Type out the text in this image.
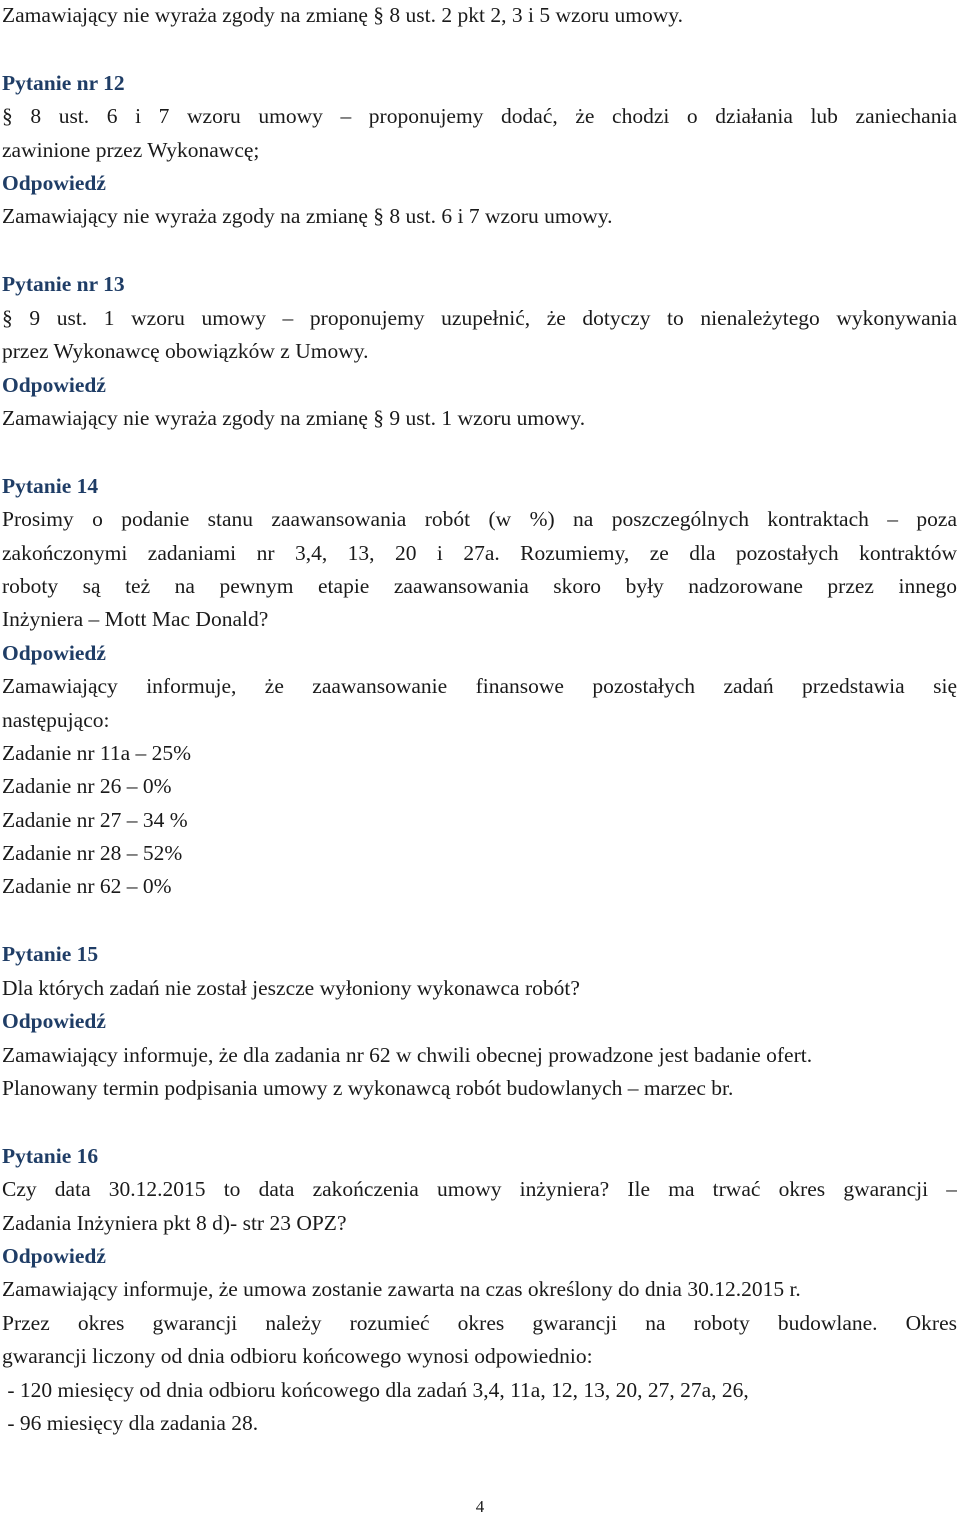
Zamawiający nie wyraża zgody na zmianę § 8 ust. 2 pkt 2, 3 i 5 wzoru umowy.
Pytanie nr 12
§ 8 ust. 6 i 7 wzoru umowy – proponujemy dodać, że chodzi o działania lub zaniechania
zawinione przez Wykonawcę;
Odpowiedź
Zamawiający nie wyraża zgody na zmianę § 8 ust. 6 i 7 wzoru umowy.
Pytanie nr 13
§ 9 ust. 1 wzoru umowy – proponujemy uzupełnić, że dotyczy to nienależytego wykonywania
przez Wykonawcę obowiązków z Umowy.
Odpowiedź
Zamawiający nie wyraża zgody na zmianę § 9 ust. 1 wzoru umowy.
Pytanie 14
Prosimy o podanie stanu zaawansowania robót (w %) na poszczególnych kontraktach – poza
zakończonymi zadaniami nr 3,4, 13, 20 i 27a. Rozumiemy, ze dla pozostałych kontraktów
roboty są też na pewnym etapie zaawansowania skoro były nadzorowane przez innego
Inżyniera – Mott Mac Donald?
Odpowiedź
Zamawiający informuje, że zaawansowanie finansowe pozostałych zadań przedstawia się
następująco:
Zadanie nr 11a – 25%
Zadanie nr 26 – 0%
Zadanie nr 27 – 34 %
Zadanie nr 28 – 52%
Zadanie nr 62 – 0%
Pytanie 15
Dla których zadań nie został jeszcze wyłoniony wykonawca robót?
Odpowiedź
Zamawiający informuje, że dla zadania nr 62 w chwili obecnej prowadzone jest badanie ofert.
Planowany termin podpisania umowy z wykonawcą robót budowlanych – marzec br.
Pytanie 16
Czy data 30.12.2015 to data zakończenia umowy inżyniera? Ile ma trwać okres gwarancji –
Zadania Inżyniera pkt 8 d)- str 23 OPZ?
Odpowiedź
Zamawiający informuje, że umowa zostanie zawarta na czas określony do dnia 30.12.2015 r.
Przez okres gwarancji należy rozumieć okres gwarancji na roboty budowlane. Okres
gwarancji liczony od dnia odbioru końcowego wynosi odpowiednio:
- 120 miesięcy od dnia odbioru końcowego dla zadań 3,4, 11a, 12, 13, 20, 27, 27a, 26,
- 96 miesięcy dla zadania 28.
4
